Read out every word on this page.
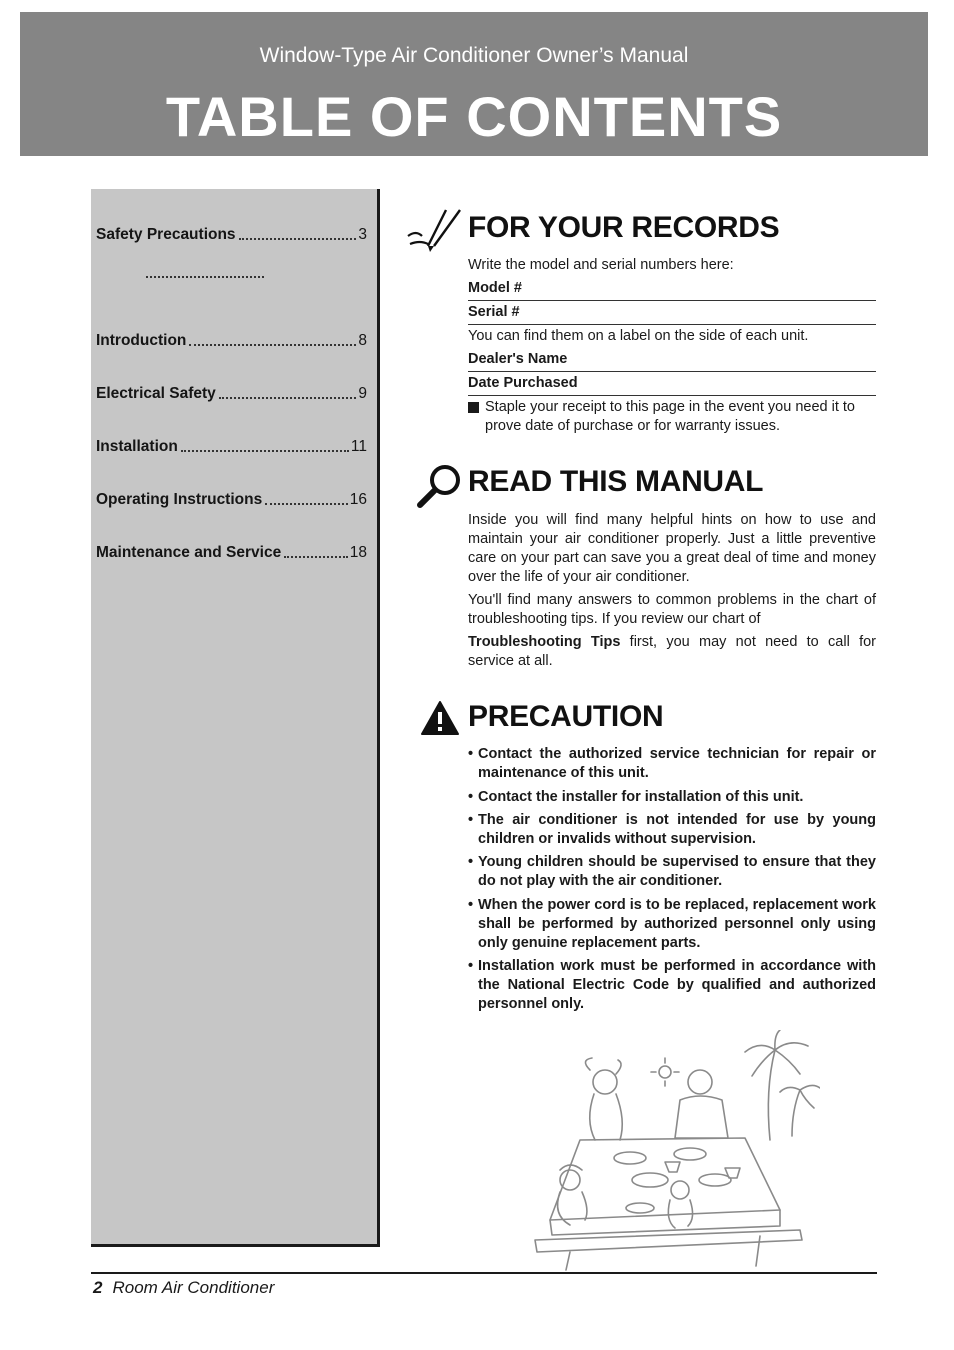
Window-Type Air Conditioner Owner’s Manual
TABLE OF CONTENTS
Safety Precautions	3
Introduction	8
Electrical Safety	9
Installation	11
Operating Instructions	16
Maintenance and Service	18
FOR YOUR RECORDS
Write the model and serial numbers here:
Model #
Serial #
You can find them on a label on the side of each unit.
Dealer's Name
Date Purchased
Staple your receipt to this page in the event you need it to prove date of purchase or for warranty issues.
READ THIS MANUAL
Inside you will find many helpful hints on how to use and maintain your air conditioner properly. Just a little preventive care on your part can save you a great deal of time and money over the life of your air conditioner.
You'll find many answers to common problems in the chart of troubleshooting tips. If you review our chart of
Troubleshooting Tips first, you may not need to call for service at all.
PRECAUTION
• Contact the authorized service technician for repair or maintenance of this unit.
• Contact the installer for installation of this unit.
• The air conditioner is not intended for use by young children or invalids without supervision.
• Young children should be supervised to ensure that they do not play with the air conditioner.
• When the power cord is to be replaced, replacement work shall be performed by authorized personnel only using only genuine replacement parts.
• Installation work must be performed in accordance with the National Electric Code by qualified and authorized personnel only.
2 Room Air Conditioner
